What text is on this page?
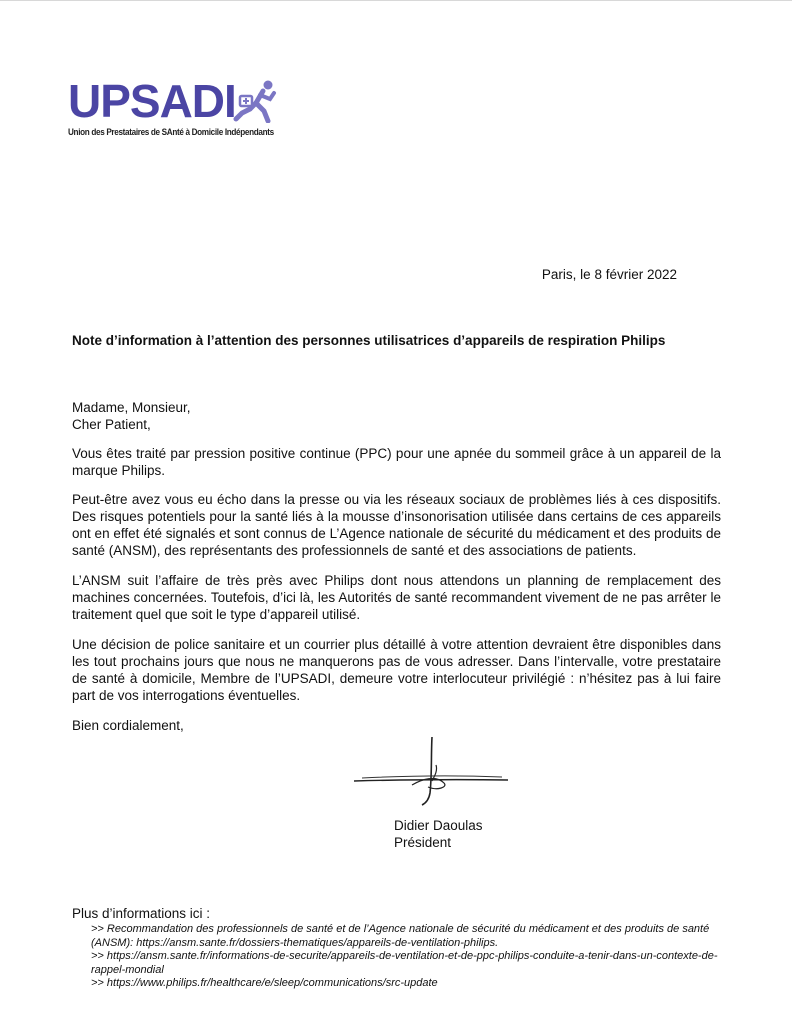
UPSADI
Union des Prestataires de SAnté à Domicile Indépendants
Paris, le 8 février 2022
Note d’information à l’attention des personnes utilisatrices d’appareils de respiration Philips
Madame, Monsieur,
Cher Patient,

Vous êtes traité par pression positive continue (PPC) pour une apnée du sommeil grâce à un appareil de la marque Philips.

Peut-être avez vous eu écho dans la presse ou via les réseaux sociaux de problèmes liés à ces dispositifs. Des risques potentiels pour la santé liés à la mousse d’insonorisation utilisée dans certains de ces appareils ont en effet été signalés et sont connus de L’Agence nationale de sécurité du médicament et des produits de santé (ANSM), des représentants des professionnels de santé et des associations de patients.

L’ANSM suit l’affaire de très près avec Philips dont nous attendons un planning de remplacement des machines concernées. Toutefois, d’ici là, les Autorités de santé recommandent vivement de ne pas arrêter le traitement quel que soit le type d’appareil utilisé.

Une décision de police sanitaire et un courrier plus détaillé à votre attention devraient être disponibles dans les tout prochains jours que nous ne manquerons pas de vous adresser. Dans l’intervalle, votre prestataire de santé à domicile, Membre de l’UPSADI, demeure votre interlocuteur privilégié : n’hésitez pas à lui faire part de vos interrogations éventuelles.

Bien cordialement,
Didier Daoulas
Président
Plus d’informations ici :
>> Recommandation des professionnels de santé et de l’Agence nationale de sécurité du médicament et des produits de santé (ANSM): https://ansm.sante.fr/dossiers-thematiques/appareils-de-ventilation-philips.
>> https://ansm.sante.fr/informations-de-securite/appareils-de-ventilation-et-de-ppc-philips-conduite-a-tenir-dans-un-contexte-de-rappel-mondial
>> https://www.philips.fr/healthcare/e/sleep/communications/src-update
